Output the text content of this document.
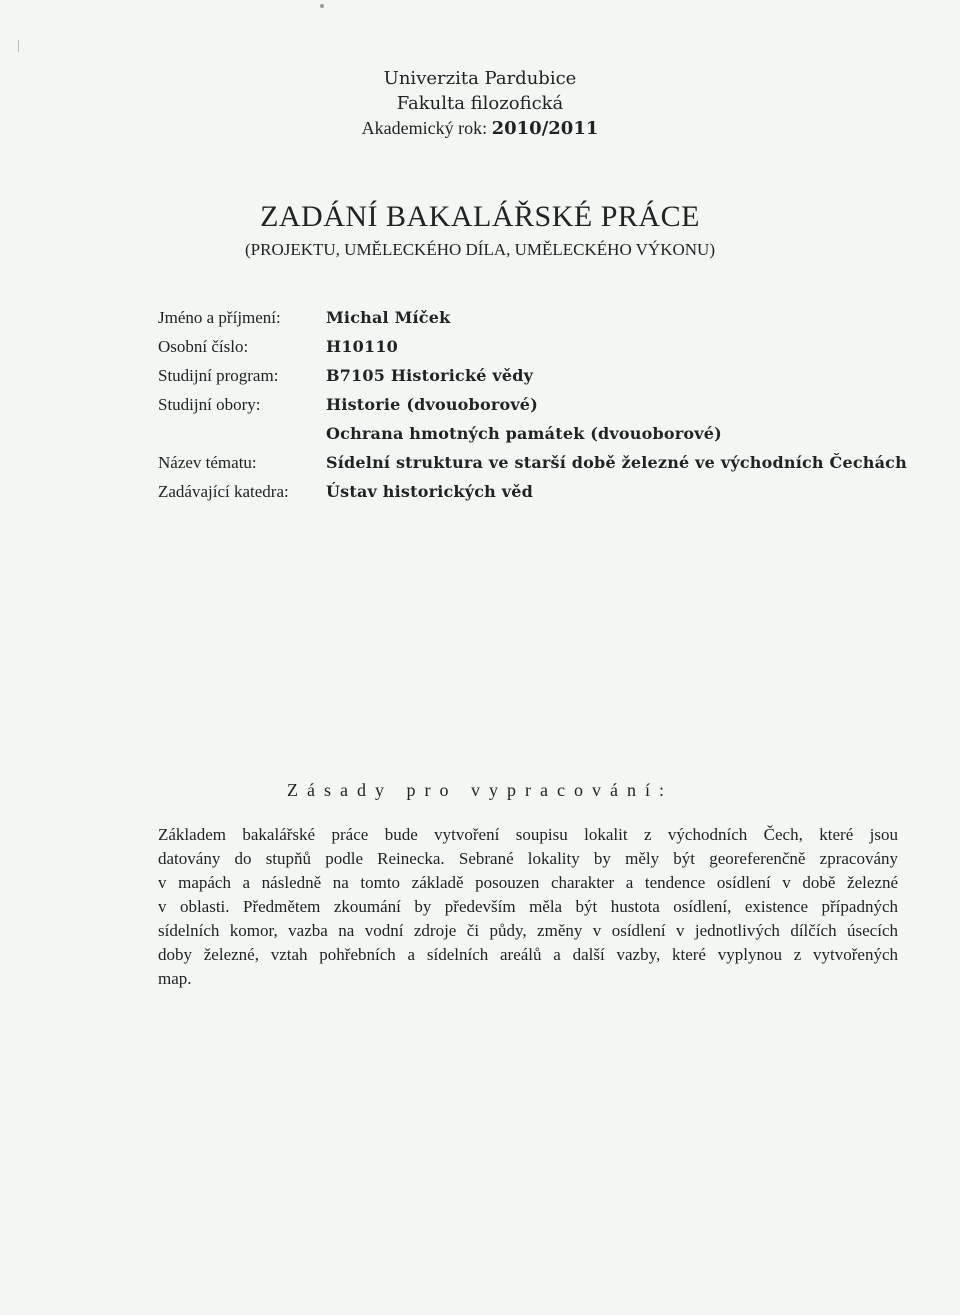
Univerzita Pardubice
Fakulta filozofická
Akademický rok: 2010/2011
ZADÁNÍ BAKALÁŘSKÉ PRÁCE
(PROJEKTU, UMĚLECKÉHO DÍLA, UMĚLECKÉHO VÝKONU)
Jméno a příjmení:	Michal Míček
Osobní číslo:	H10110
Studijní program:	B7105 Historické vědy
Studijní obory:	Historie (dvouoborové)
Ochrana hmotných památek (dvouoborové)
Název tématu:	Sídelní struktura ve starší době železné ve východních Čechách
Zadávající katedra:	Ústav historických věd
Zásady pro vypracování:
Základem bakalářské práce bude vytvoření soupisu lokalit z východních Čech, které jsou
datovány do stupňů podle Reinecka. Sebrané lokality by měly být georeferenčně zpracovány
v mapách a následně na tomto základě posouzen charakter a tendence osídlení v době železné
v oblasti. Předmětem zkoumání by především měla být hustota osídlení, existence případných
sídelních komor, vazba na vodní zdroje či půdy, změny v osídlení v jednotlivých dílčích úsecích
doby železné, vztah pohřebních a sídelních areálů a další vazby, které vyplynou z vytvořených
map.
